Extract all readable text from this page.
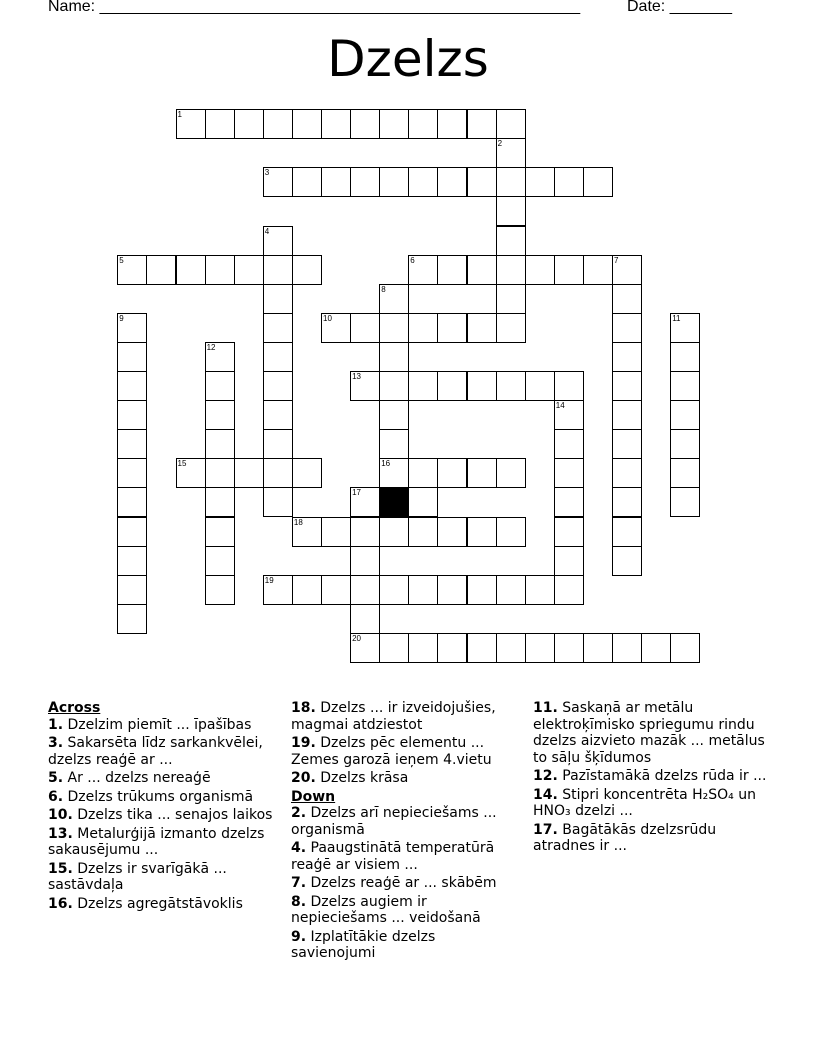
Name: ______________________________________________________	Date: _______
Dzelzs
1
2
3
4
5	6	7
8
9	10	11
12
13
14
15	16
17
18
19
20
Across
1. Dzelzim piemīt ... īpašības
3. Sakarsēta līdz sarkankvēlei, dzelzs reaģē ar ...
5. Ar ... dzelzs nereaģē
6. Dzelzs trūkums organismā
10. Dzelzs tika ... senajos laikos
13. Metalurģijā izmanto dzelzs sakausējumu ...
15. Dzelzs ir svarīgākā ... sastāvdaļa
16. Dzelzs agregātstāvoklis
18. Dzelzs ... ir izveidojušies, magmai atdziestot
19. Dzelzs pēc elementu ... Zemes garozā ieņem 4.vietu
20. Dzelzs krāsa
Down
2. Dzelzs arī nepieciešams ... organismā
4. Paaugstinātā temperatūrā reaģē ar visiem ...
7. Dzelzs reaģē ar ... skābēm
8. Dzelzs augiem ir nepieciešams ... veidošanā
9. Izplatītākie dzelzs savienojumi
11. Saskaņā ar metālu elektroķīmisko spriegumu rindu dzelzs aizvieto mazāk ... metālus to sāļu šķīdumos
12. Pazīstamākā dzelzs rūda ir ...
14. Stipri koncentrēta H₂SO₄ un HNO₃ dzelzi ...
17. Bagātākās dzelzsrūdu atradnes ir ...
